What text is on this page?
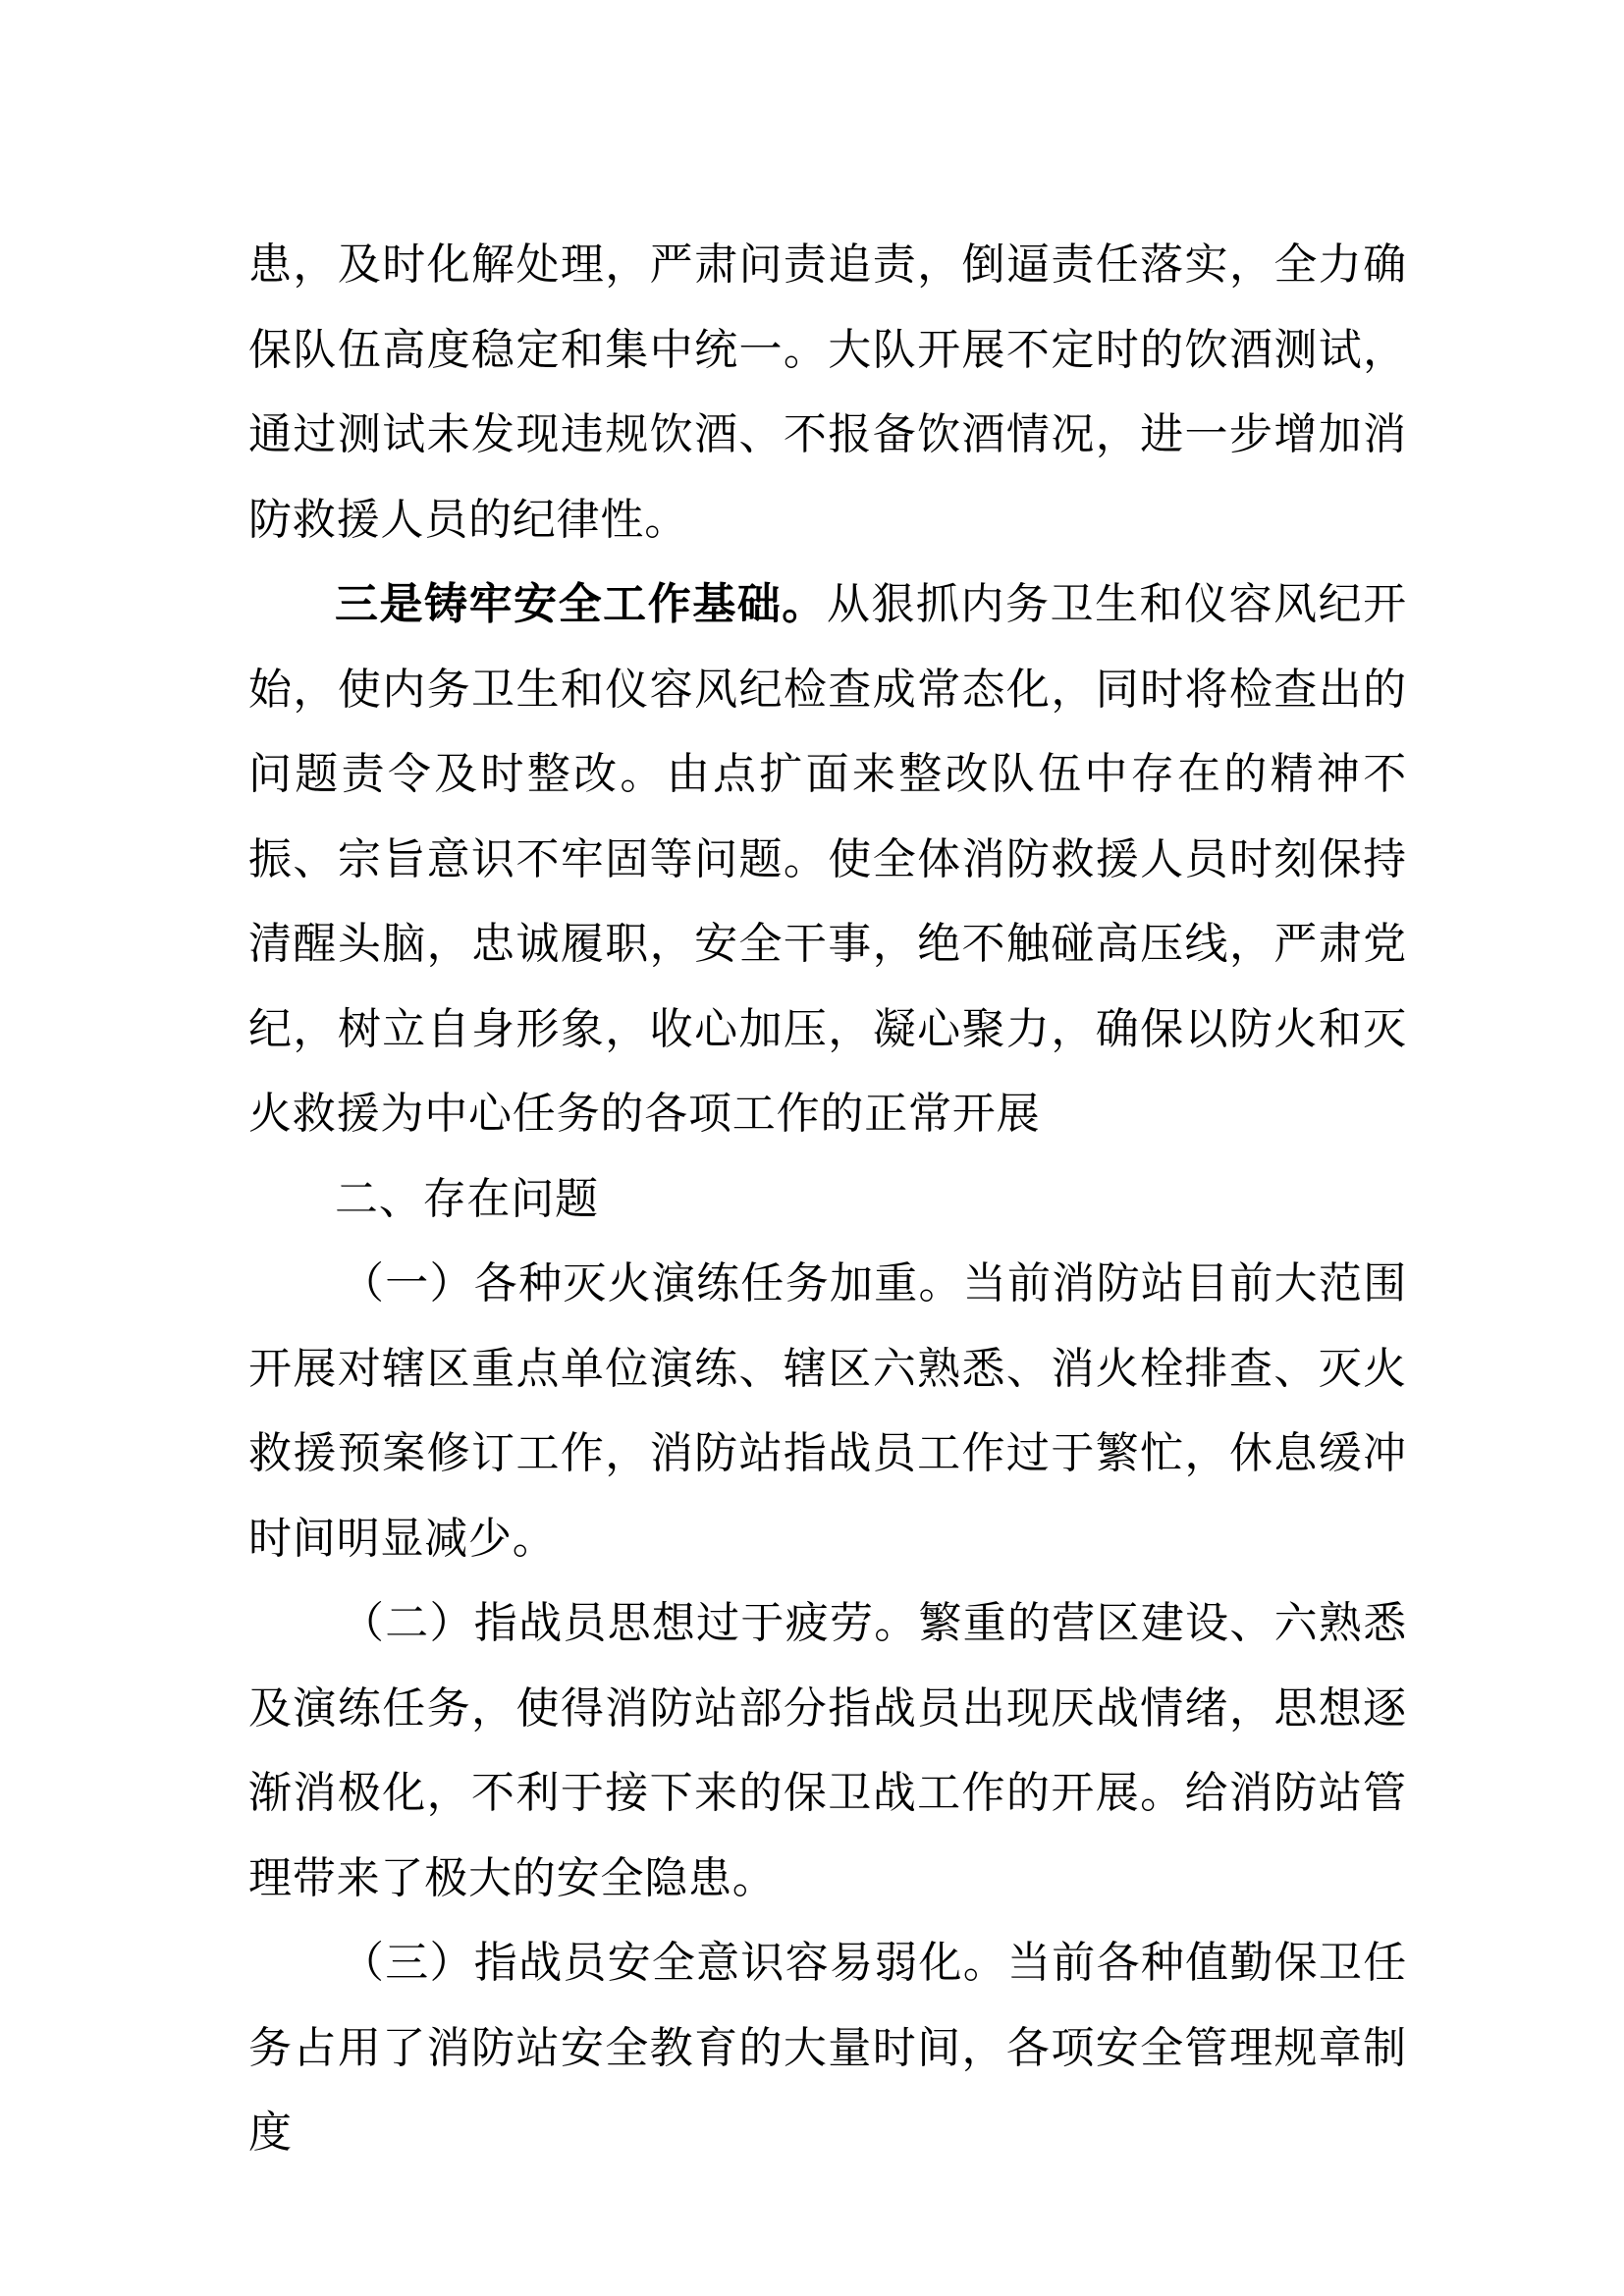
患，及时化解处理，严肃问责追责，倒逼责任落实，全力确保队伍高度稳定和集中统一。大队开展不定时的饮酒测试，通过测试未发现违规饮酒、不报备饮酒情况，进一步增加消防救援人员的纪律性。

三是铸牢安全工作基础。从狠抓内务卫生和仪容风纪开始，使内务卫生和仪容风纪检查成常态化，同时将检查出的问题责令及时整改。由点扩面来整改队伍中存在的精神不振、宗旨意识不牢固等问题。使全体消防救援人员时刻保持清醒头脑，忠诚履职，安全干事，绝不触碰高压线，严肃党纪，树立自身形象，收心加压，凝心聚力，确保以防火和灭火救援为中心任务的各项工作的正常开展

二、存在问题

（一）各种灭火演练任务加重。当前消防站目前大范围开展对辖区重点单位演练、辖区六熟悉、消火栓排查、灭火救援预案修订工作，消防站指战员工作过于繁忙，休息缓冲时间明显减少。

（二）指战员思想过于疲劳。繁重的营区建设、六熟悉及演练任务，使得消防站部分指战员出现厌战情绪，思想逐渐消极化，不利于接下来的保卫战工作的开展。给消防站管理带来了极大的安全隐患。

（三）指战员安全意识容易弱化。当前各种值勤保卫任务占用了消防站安全教育的大量时间，各项安全管理规章制度
